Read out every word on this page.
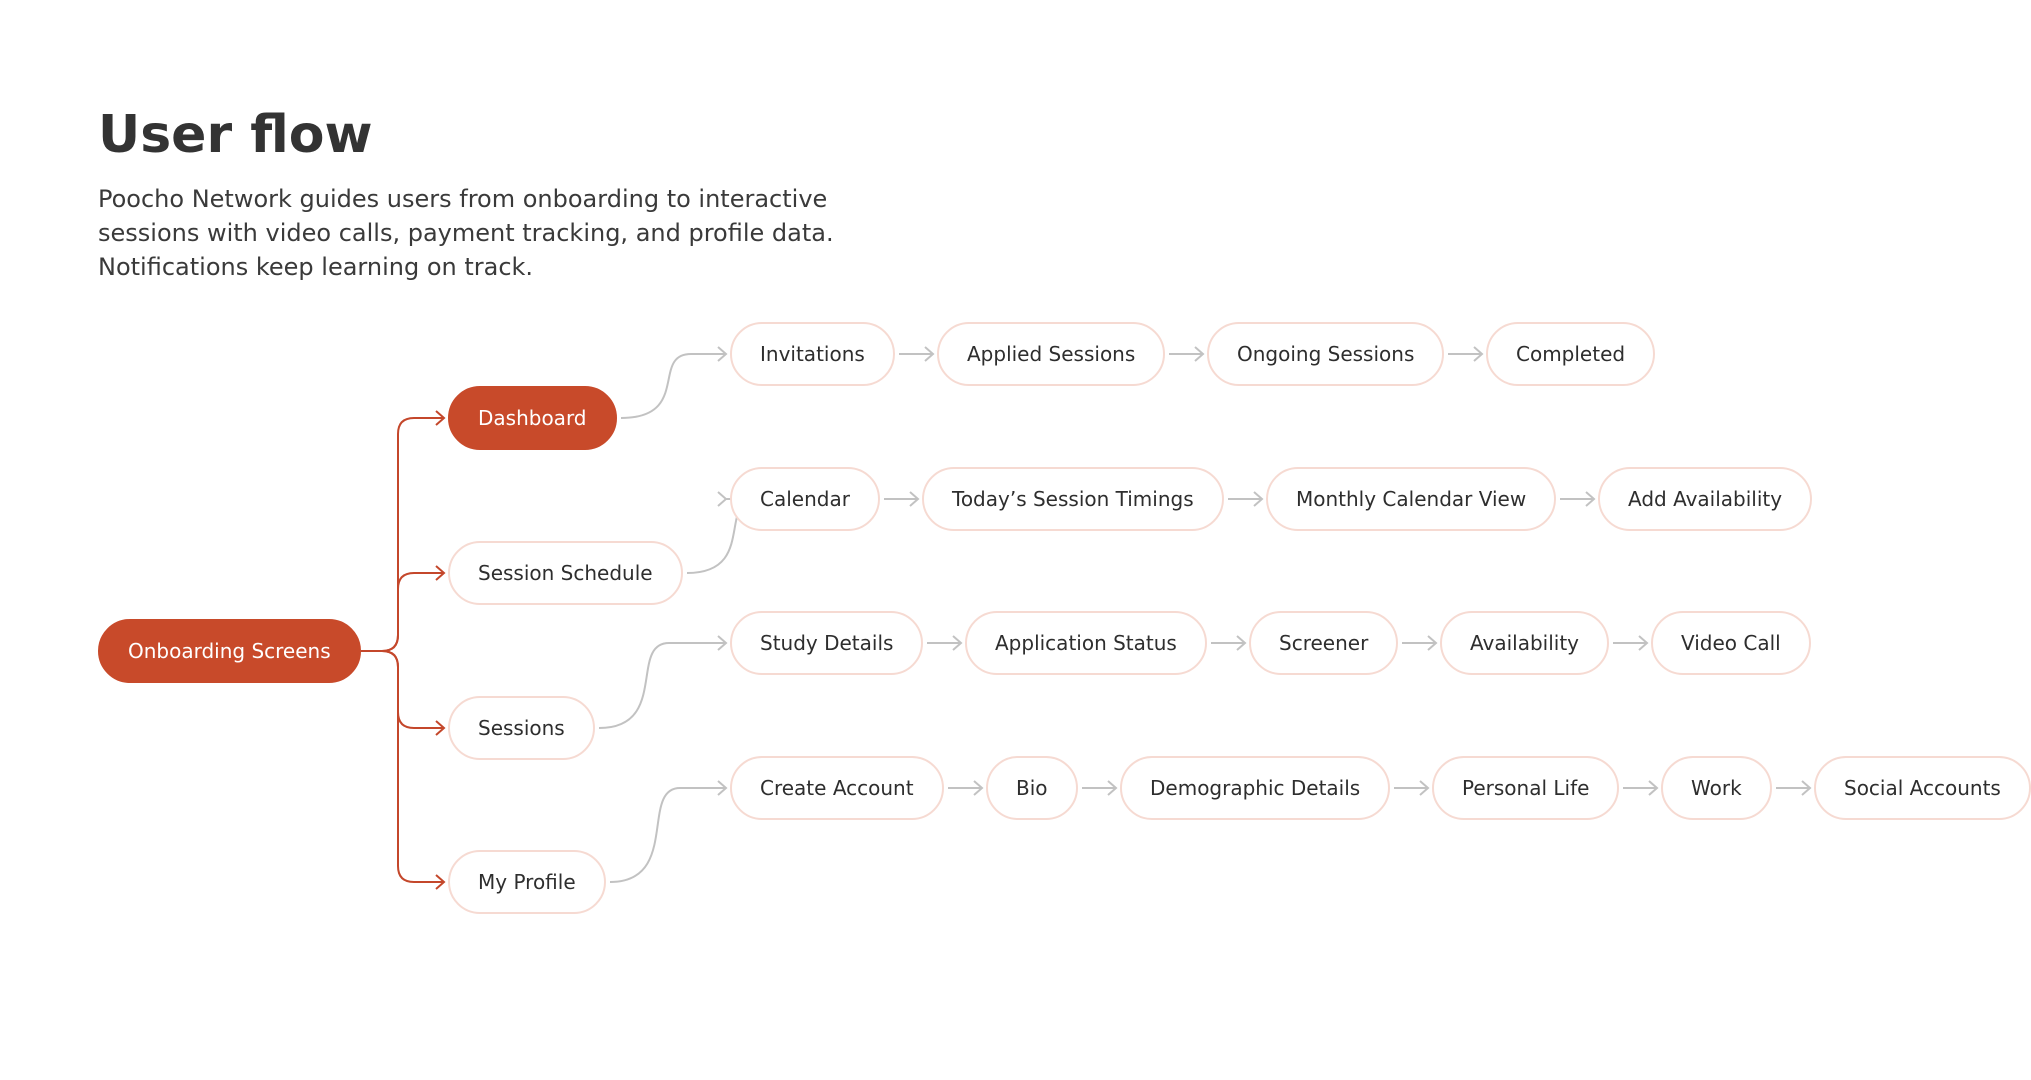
User flow

Poocho Network guides users from onboarding to interactive
sessions with video calls, payment tracking, and profile data.
Notifications keep learning on track.

Onboarding Screens
Dashboard
Session Schedule
Sessions
My Profile
Invitations	Applied Sessions	Ongoing Sessions	Completed
Calendar	Today’s Session Timings	Monthly Calendar View	Add Availability
Study Details	Application Status	Screener	Availability	Video Call
Create Account	Bio	Demographic Details	Personal Life	Work	Social Accounts
